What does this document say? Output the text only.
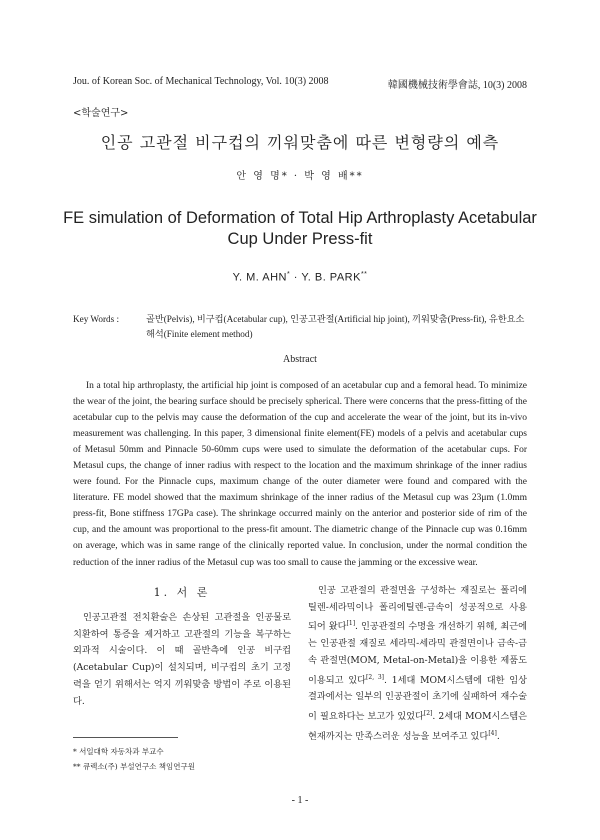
Jou. of Korean Soc. of Mechanical Technology, Vol. 10(3) 2008	韓國機械技術學會誌, 10(3) 2008
<학술연구>
인공 고관절 비구컵의 끼워맞춤에 따른 변형량의 예측
안 영 명* · 박 영 배**
FE simulation of Deformation of Total Hip Arthroplasty Acetabular Cup Under Press-fit
Y. M. AHN* · Y. B. PARK**
Key Words :	골반(Pelvis), 비구컵(Acetabular cup), 인공고관절(Artificial hip joint), 끼워맞춤(Press-fit), 유한요소해석(Finite element method)
Abstract

In a total hip arthroplasty, the artificial hip joint is composed of an acetabular cup and a femoral head. To minimize the wear of the joint, the bearing surface should be precisely spherical. There were concerns that the press-fitting of the acetabular cup to the pelvis may cause the deformation of the cup and accelerate the wear of the joint, but its in-vivo measurement was challenging. In this paper, 3 dimensional finite element(FE) models of a pelvis and acetabular cups of Metasul 50mm and Pinnacle 50-60mm cups were used to simulate the deformation of the acetabular cups. For Metasul cups, the change of inner radius with respect to the location and the maximum shrinkage of the inner radius were found. For the Pinnacle cups, maximum change of the outer diameter were found and compared with the literature. FE model showed that the maximum shrinkage of the inner radius of the Metasul cup was 23μm (1.0mm press-fit, Bone stiffness 17GPa case). The shrinkage occurred mainly on the anterior and posterior side of rim of the cup, and the amount was proportional to the press-fit amount. The diametric change of the Pinnacle cup was 0.16mm on average, which was in same range of the clinically reported value. In conclusion, under the normal condition the reduction of the inner radius of the Metasul cup was too small to cause the jamming or the excessive wear.

1. 서 론

인공고관절 전치환술은 손상된 고관절을 인공물로 치환하여 통증을 제거하고 고관절의 기능을 복구하는 외과적 시술이다. 이 때 골반측에 인공 비구컵(Acetabular Cup)이 설치되며, 비구컵의 초기 고정력을 얻기 위해서는 억지 끼워맞춤 방법이 주로 이용된다.

인공 고관절의 관절면을 구성하는 재질로는 폴리에틸렌-세라믹이나 폴리에틸렌-금속이 성공적으로 사용되어 왔다[1]. 인공관절의 수명을 개선하기 위해, 최근에는 인공관절 재질로 세라믹-세라믹 관절면이나 금속-금속 관절면(MOM, Metal-on-Metal)을 이용한 제품도 이용되고 있다[2, 3]. 1세대 MOM시스템에 대한 임상 결과에서는 일부의 인공관절이 초기에 실패하여 재수술이 필요하다는 보고가 있었다[2]. 2세대 MOM시스템은 현재까지는 만족스러운 성능을 보여주고 있다[4].

* 서일대학 자동차과 부교수
** 큐렉소(주) 부설연구소 책임연구원
- 1 -
